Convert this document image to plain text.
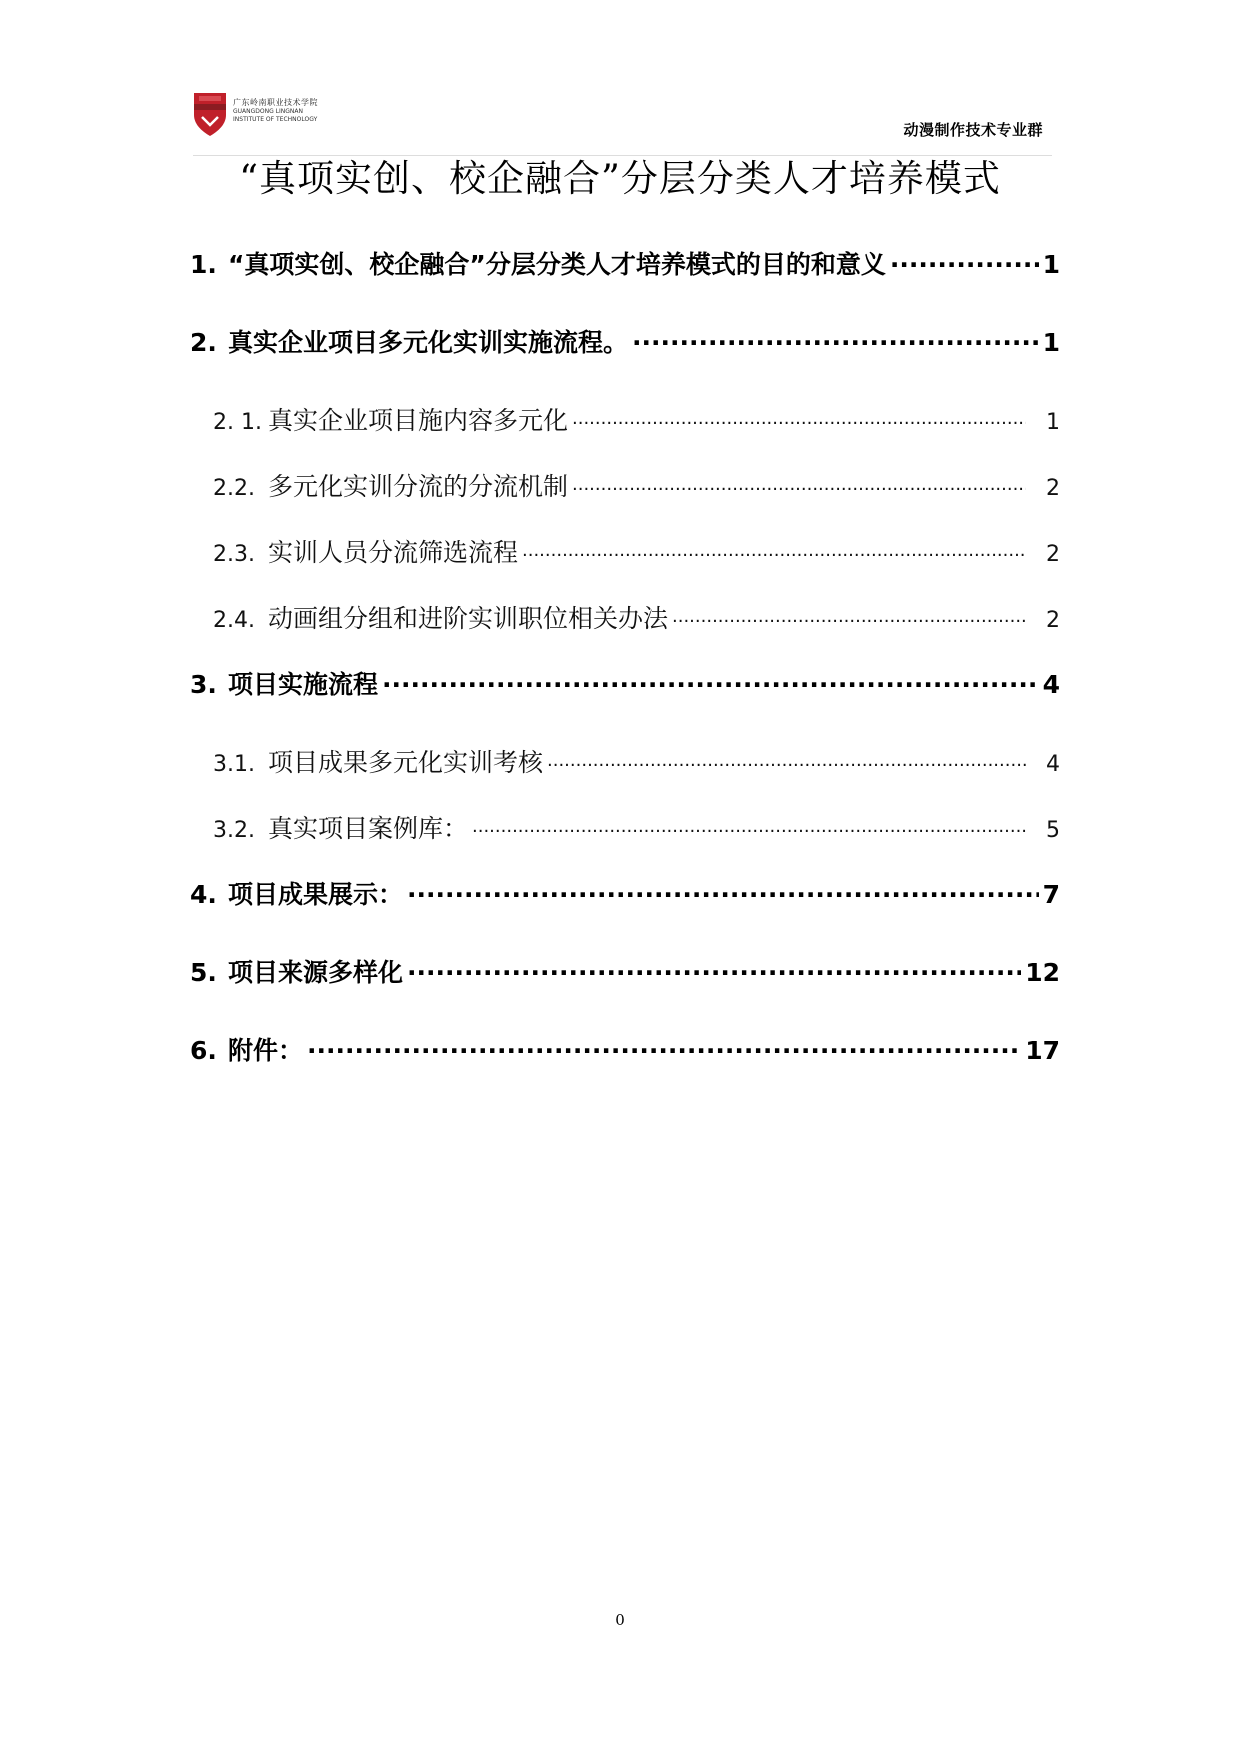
广东岭南职业技术学院
GUANGDONG LINGNAN
INSTITUTE OF TECHNOLOGY
动漫制作技术专业群
“真项实创、校企融合”分层分类人才培养模式
1. “真项实创、校企融合”分层分类人才培养模式的目的和意义 .....	1
2. 真实企业项目多元化实训实施流程。 .....	1
2. 1. 真实企业项目施内容多元化 .....	1
2.2. 多元化实训分流的分流机制 .....	2
2.3. 实训人员分流筛选流程 .....	2
2.4. 动画组分组和进阶实训职位相关办法 .....	2
3. 项目实施流程 .....	4
3.1. 项目成果多元化实训考核 .....	4
3.2. 真实项目案例库： .....	5
4. 项目成果展示： .....	7
5. 项目来源多样化 .....	12
6. 附件： .....	17
0
